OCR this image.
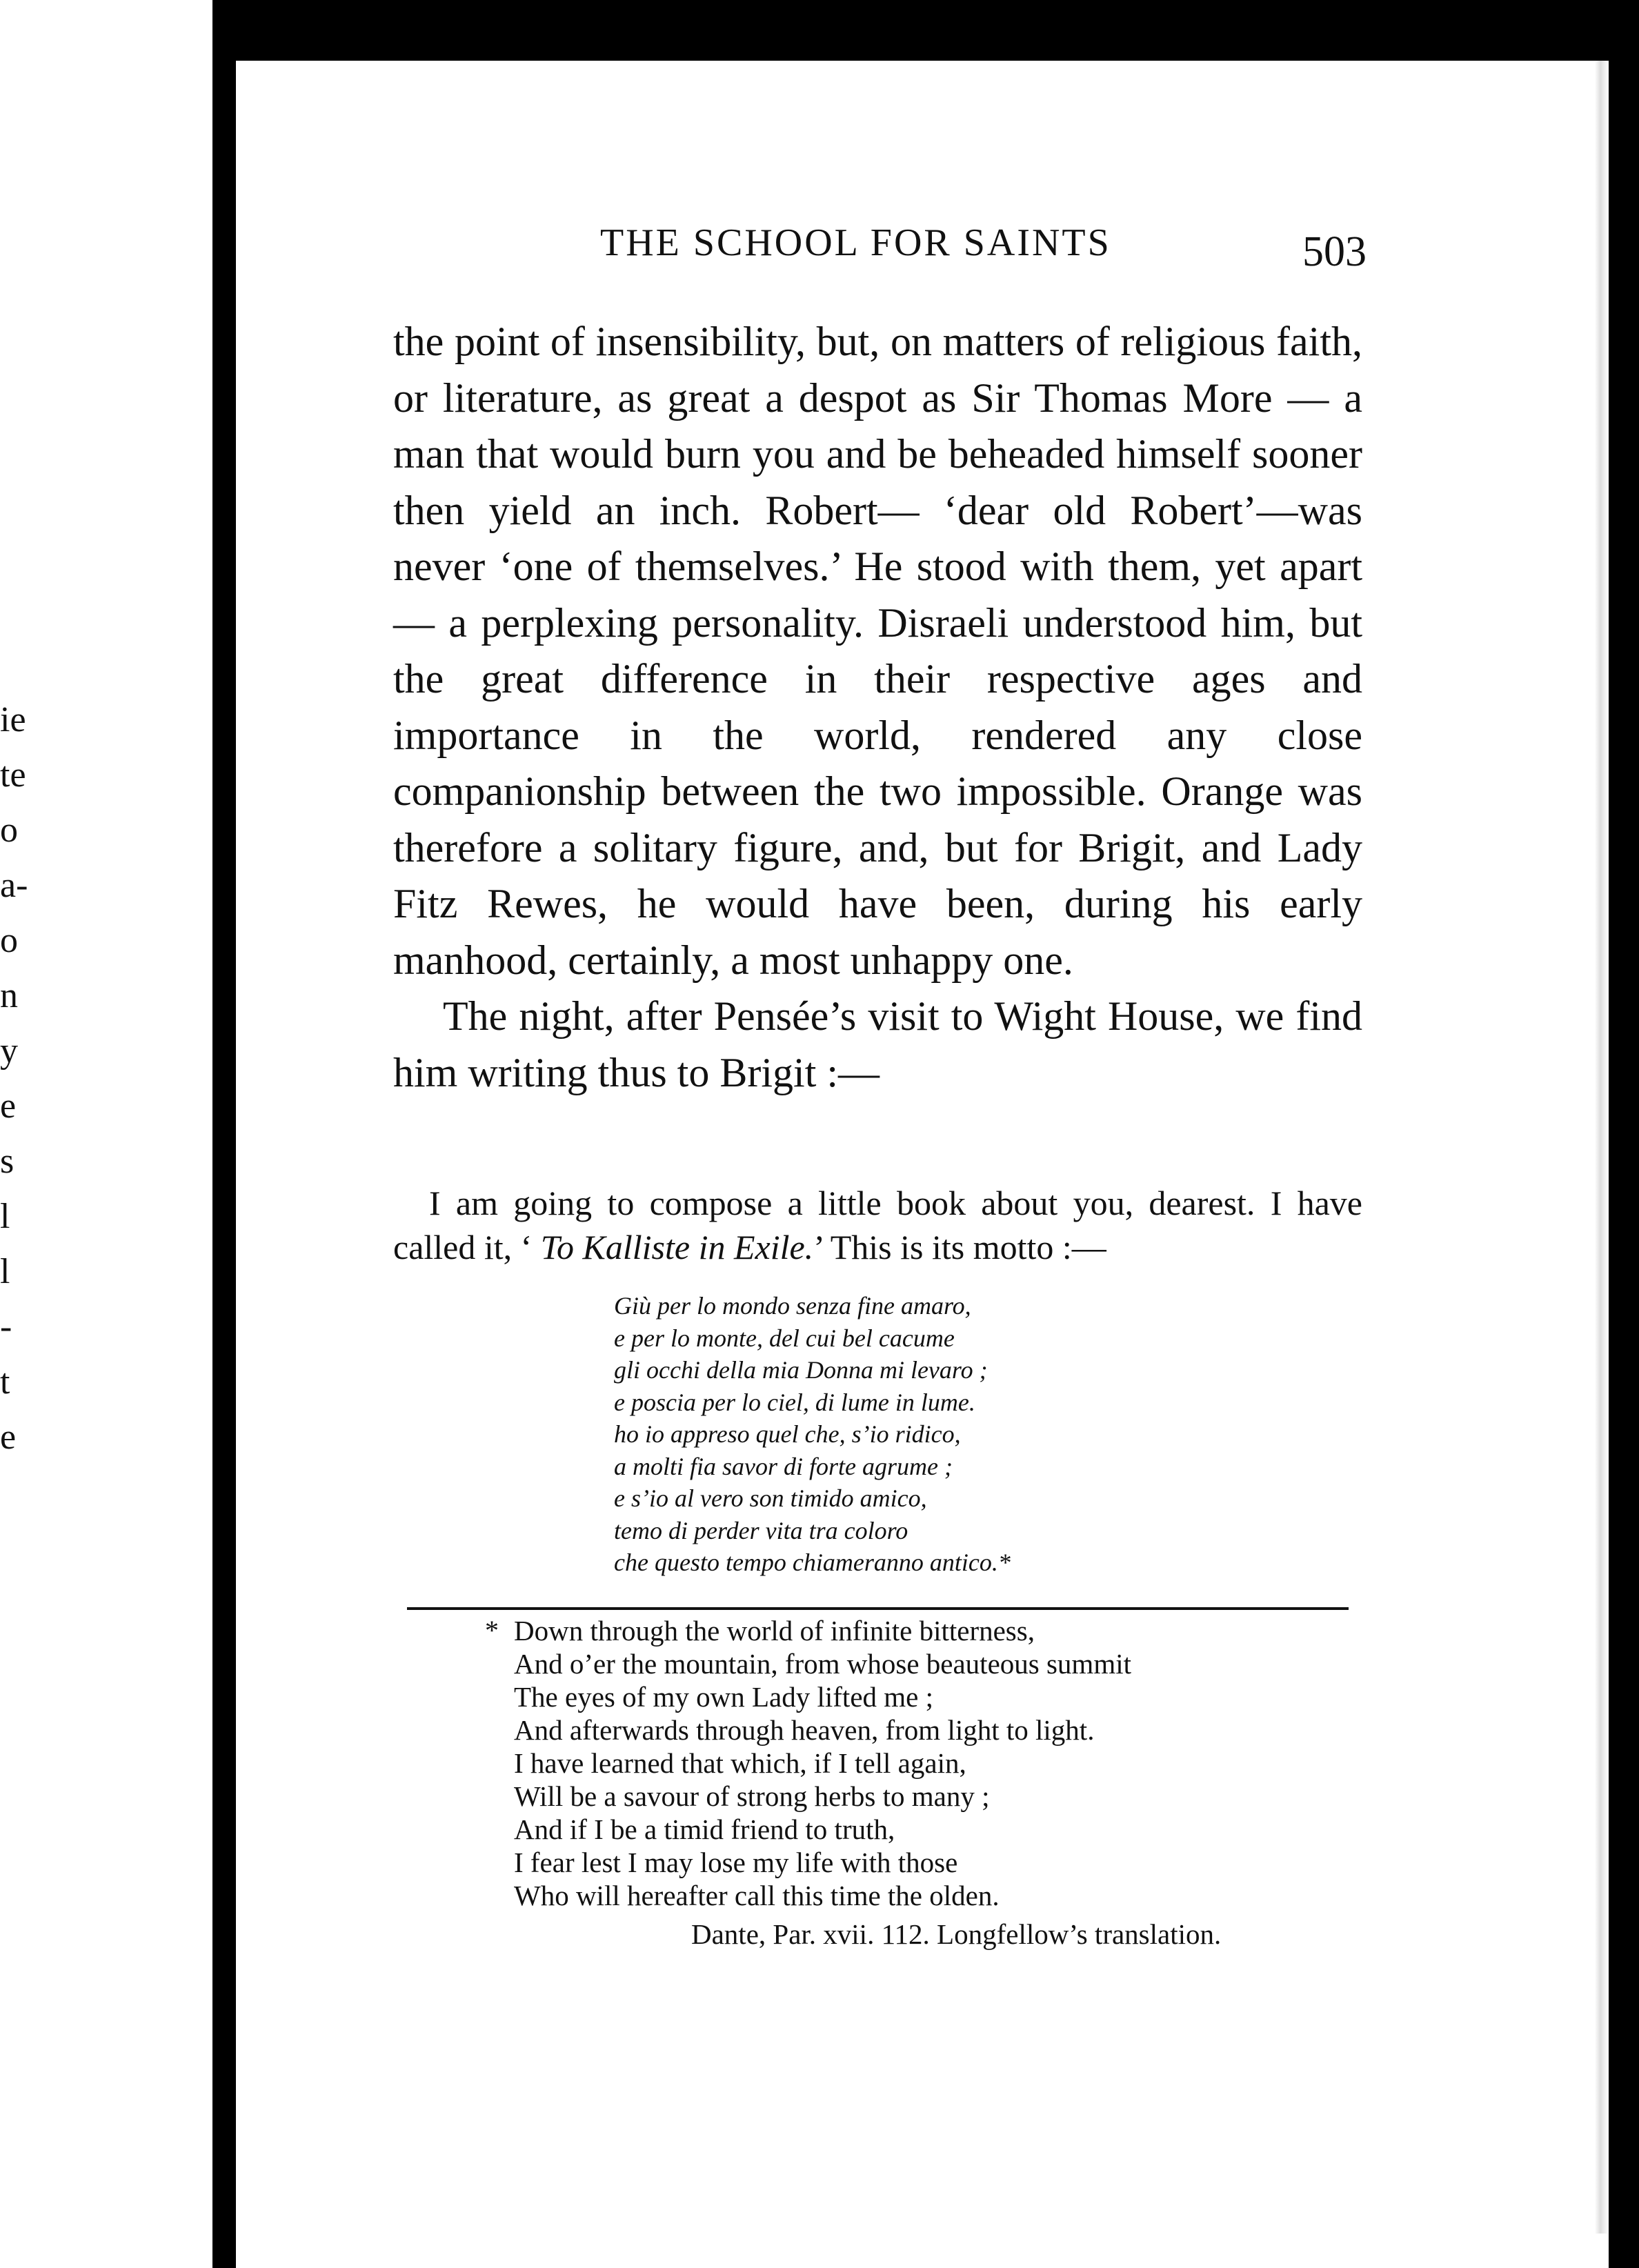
ie
te
o
a-
o
n
y
e
s
l
l
-
t
e
THE SCHOOL FOR SAINTS	503

the point of insensibility, but, on matters of religious faith, or literature, as great a despot as Sir Thomas More — a man that would burn you and be beheaded himself sooner then yield an inch. Robert— ‘dear old Robert’—was never ‘one of themselves.’ He stood with them, yet apart — a perplexing personality. Disraeli understood him, but the great difference in their respective ages and importance in the world, rendered any close companionship between the two impossible. Orange was therefore a solitary figure, and, but for Brigit, and Lady Fitz Rewes, he would have been, during his early manhood, certainly, a most unhappy one.

The night, after Pensée’s visit to Wight House, we find him writing thus to Brigit :—

I am going to compose a little book about you, dearest. I have called it, ‘ To Kalliste in Exile.’ This is its motto :—

Giù per lo mondo senza fine amaro,
e per lo monte, del cui bel cacume
gli occhi della mia Donna mi levaro ;
e poscia per lo ciel, di lume in lume.
ho io appreso quel che, s’io ridico,
a molti fia savor di forte agrume ;
e s’io al vero son timido amico,
temo di perder vita tra coloro
che questo tempo chiameranno antico.*
* Down through the world of infinite bitterness,
And o’er the mountain, from whose beauteous summit
The eyes of my own Lady lifted me ;
And afterwards through heaven, from light to light.
I have learned that which, if I tell again,
Will be a savour of strong herbs to many ;
And if I be a timid friend to truth,
I fear lest I may lose my life with those
Who will hereafter call this time the olden.
Dante, Par. xvii. 112. Longfellow’s translation.
